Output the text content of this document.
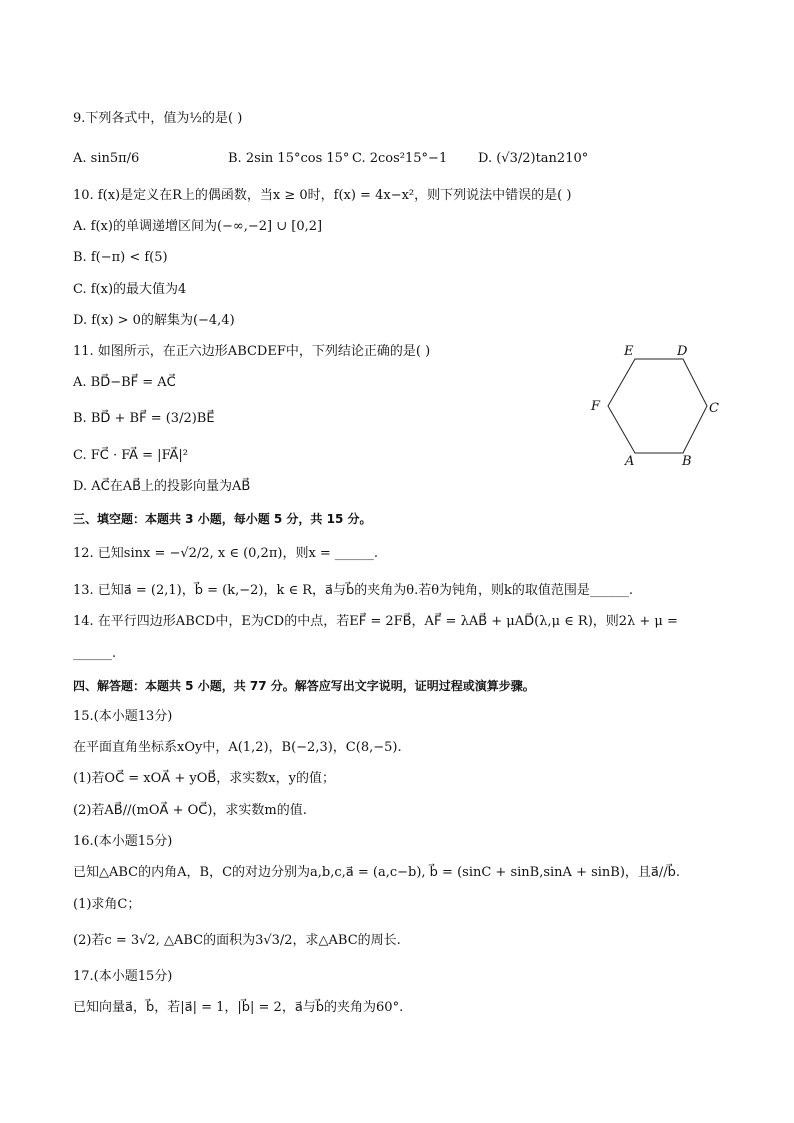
9.下列各式中，值为½的是( )
A. sin5π/6	B. 2sin 15°cos 15° C. 2cos²15°−1 D. (√3/2)tan210°
10. f(x)是定义在R上的偶函数，当x ≥ 0时，f(x) = 4x−x²，则下列说法中错误的是( )
A. f(x)的单调递增区间为(−∞,−2] ∪ [0,2]
B. f(−π) < f(5)
C. f(x)的最大值为4
D. f(x) > 0的解集为(−4,4)
11. 如图所示，在正六边形ABCDEF中，下列结论正确的是( )
A. BD⃗−BF⃗ = AC⃗
B. BD⃗ + BF⃗ = (3/2)BE⃗
C. FC⃗ · FA⃗ = |FA⃗|²
D. AC⃗在AB⃗上的投影向量为AB⃗
A	B
C
D
E
F
三、填空题：本题共 3 小题，每小题 5 分，共 15 分。
12. 已知sinx = −√2/2, x ∈ (0,2π)，则x = ______.
13. 已知a⃗ = (2,1)，b⃗ = (k,−2)，k ∈ R，a⃗与b⃗的夹角为θ.若θ为钝角，则k的取值范围是______.
14. 在平行四边形ABCD中，E为CD的中点，若EF⃗ = 2FB⃗，AF⃗ = λAB⃗ + μAD⃗(λ,μ ∈ R)，则2λ + μ =
______.
四、解答题：本题共 5 小题，共 77 分。解答应写出文字说明，证明过程或演算步骤。
15.(本小题13分)
在平面直角坐标系xOy中，A(1,2)，B(−2,3)，C(8,−5).
(1)若OC⃗ = xOA⃗ + yOB⃗，求实数x，y的值；
(2)若AB⃗//(mOA⃗ + OC⃗)，求实数m的值.
16.(本小题15分)
已知△ABC的内角A，B，C的对边分别为a,b,c,a⃗ = (a,c−b), b⃗ = (sinC + sinB,sinA + sinB)，且a⃗//b⃗.
(1)求角C；
(2)若c = 3√2, △ABC的面积为3√3/2，求△ABC的周长.
17.(本小题15分)
已知向量a⃗，b⃗，若|a⃗| = 1，|b⃗| = 2，a⃗与b⃗的夹角为60°.
